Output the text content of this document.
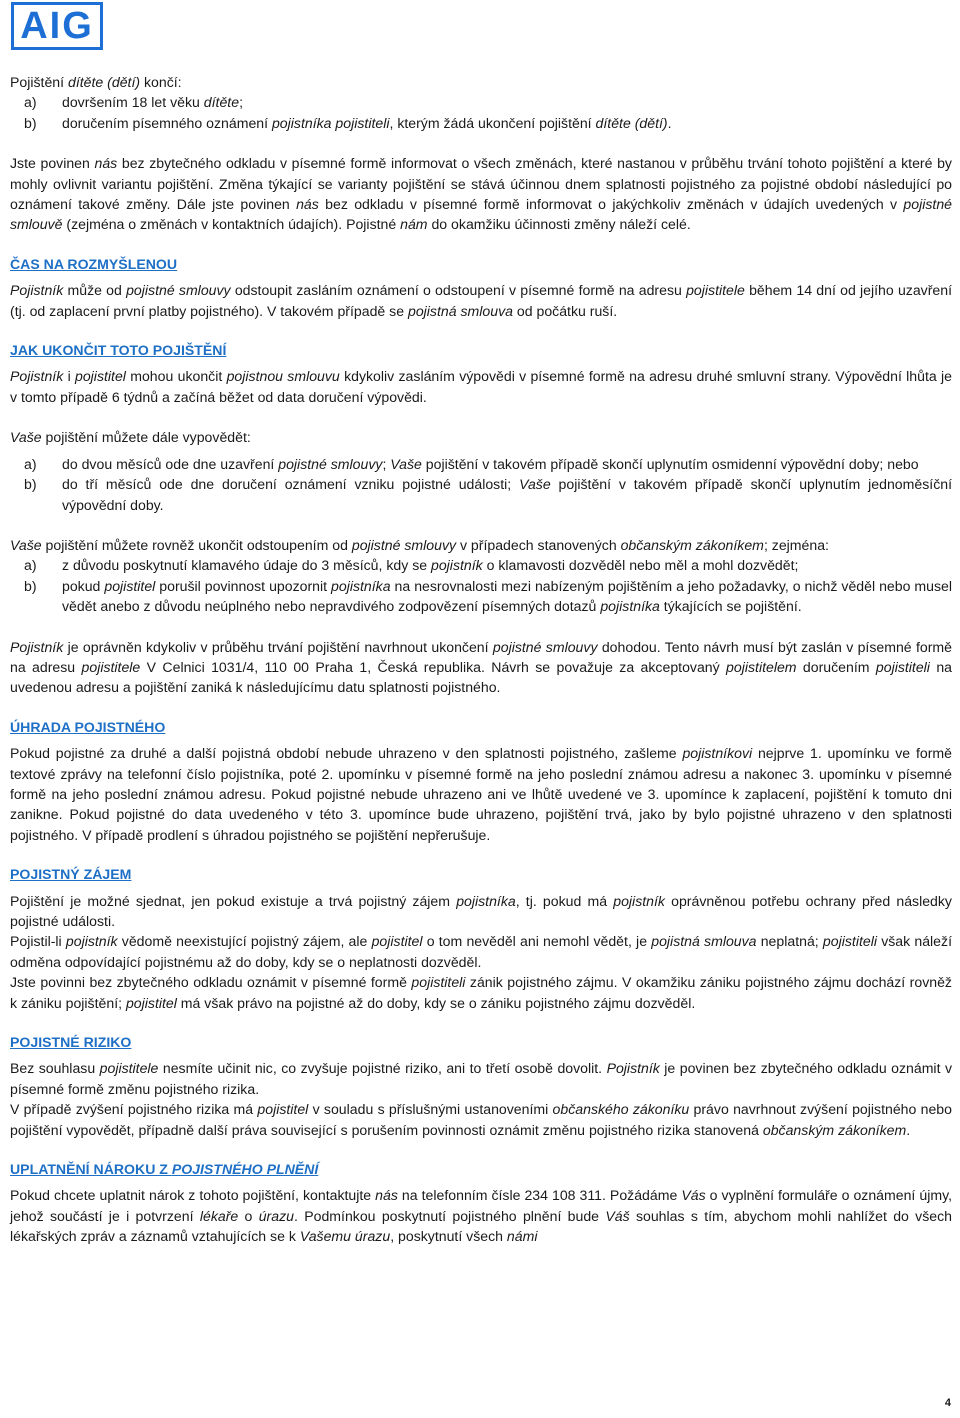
AIG

Pojištění dítěte (dětí) končí:

a)	dovršením 18 let věku dítěte;
b)	doručením písemného oznámení pojistníka pojistiteli, kterým žádá ukončení pojištění dítěte (dětí).

Jste povinen nás bez zbytečného odkladu v písemné formě informovat o všech změnách, které nastanou v průběhu trvání tohoto pojištění a které by mohly ovlivnit variantu pojištění. Změna týkající se varianty pojištění se stává účinnou dnem splatnosti pojistného za pojistné období následující po oznámení takové změny. Dále jste povinen nás bez odkladu v písemné formě informovat o jakýchkoliv změnách v údajích uvedených v pojistné smlouvě (zejména o změnách v kontaktních údajích). Pojistné nám do okamžiku účinnosti změny náleží celé.

ČAS NA ROZMYŠLENOU

Pojistník může od pojistné smlouvy odstoupit zasláním oznámení o odstoupení v písemné formě na adresu pojistitele během 14 dní od jejího uzavření (tj. od zaplacení první platby pojistného). V takovém případě se pojistná smlouva od počátku ruší.

JAK UKONČIT TOTO POJIŠTĚNÍ

Pojistník i pojistitel mohou ukončit pojistnou smlouvu kdykoliv zasláním výpovědi v písemné formě na adresu druhé smluvní strany. Výpovědní lhůta je v tomto případě 6 týdnů a začíná běžet od data doručení výpovědi.

Vaše pojištění můžete dále vypovědět:

a)	do dvou měsíců ode dne uzavření pojistné smlouvy; Vaše pojištění v takovém případě skončí uplynutím osmidenní výpovědní doby; nebo
b)	do tří měsíců ode dne doručení oznámení vzniku pojistné události; Vaše pojištění v takovém případě skončí uplynutím jednoměsíční výpovědní doby.

Vaše pojištění můžete rovněž ukončit odstoupením od pojistné smlouvy v případech stanovených občanským zákoníkem; zejména:

a)	z důvodu poskytnutí klamavého údaje do 3 měsíců, kdy se pojistník o klamavosti dozvěděl nebo měl a mohl dozvědět;
b)	pokud pojistitel porušil povinnost upozornit pojistníka na nesrovnalosti mezi nabízeným pojištěním a jeho požadavky, o nichž věděl nebo musel vědět anebo z důvodu neúplného nebo nepravdivého zodpovězení písemných dotazů pojistníka týkajících se pojištění.

Pojistník je oprávněn kdykoliv v průběhu trvání pojištění navrhnout ukončení pojistné smlouvy dohodou. Tento návrh musí být zaslán v písemné formě na adresu pojistitele V Celnici 1031/4, 110 00 Praha 1, Česká republika. Návrh se považuje za akceptovaný pojistitelem doručením pojistiteli na uvedenou adresu a pojištění zaniká k následujícímu datu splatnosti pojistného.

ÚHRADA POJISTNÉHO

Pokud pojistné za druhé a další pojistná období nebude uhrazeno v den splatnosti pojistného, zašleme pojistníkovi nejprve 1. upomínku ve formě textové zprávy na telefonní číslo pojistníka, poté 2. upomínku v písemné formě na jeho poslední známou adresu a nakonec 3. upomínku v písemné formě na jeho poslední známou adresu. Pokud pojistné nebude uhrazeno ani ve lhůtě uvedené ve 3. upomínce k zaplacení, pojištění k tomuto dni zanikne. Pokud pojistné do data uvedeného v této 3. upomínce bude uhrazeno, pojištění trvá, jako by bylo pojistné uhrazeno v den splatnosti pojistného. V případě prodlení s úhradou pojistného se pojištění nepřerušuje.

POJISTNÝ ZÁJEM

Pojištění je možné sjednat, jen pokud existuje a trvá pojistný zájem pojistníka, tj. pokud má pojistník oprávněnou potřebu ochrany před následky pojistné události.

Pojistil-li pojistník vědomě neexistující pojistný zájem, ale pojistitel o tom nevěděl ani nemohl vědět, je pojistná smlouva neplatná; pojistiteli však náleží odměna odpovídající pojistnému až do doby, kdy se o neplatnosti dozvěděl.

Jste povinni bez zbytečného odkladu oznámit v písemné formě pojistiteli zánik pojistného zájmu. V okamžiku zániku pojistného zájmu dochází rovněž k zániku pojištění; pojistitel má však právo na pojistné až do doby, kdy se o zániku pojistného zájmu dozvěděl.

POJISTNÉ RIZIKO

Bez souhlasu pojistitele nesmíte učinit nic, co zvyšuje pojistné riziko, ani to třetí osobě dovolit. Pojistník je povinen bez zbytečného odkladu oznámit v písemné formě změnu pojistného rizika.

V případě zvýšení pojistného rizika má pojistitel v souladu s příslušnými ustanoveními občanského zákoníku právo navrhnout zvýšení pojistného nebo pojištění vypovědět, případně další práva související s porušením povinnosti oznámit změnu pojistného rizika stanovená občanským zákoníkem.

UPLATNĚNÍ NÁROKU Z POJISTNÉHO PLNĚNÍ

Pokud chcete uplatnit nárok z tohoto pojištění, kontaktujte nás na telefonním čísle 234 108 311. Požádáme Vás o vyplnění formuláře o oznámení újmy, jehož součástí je i potvrzení lékaře o úrazu. Podmínkou poskytnutí pojistného plnění bude Váš souhlas s tím, abychom mohli nahlížet do všech lékařských zpráv a záznamů vztahujících se k Vašemu úrazu, poskytnutí všech námi

4
